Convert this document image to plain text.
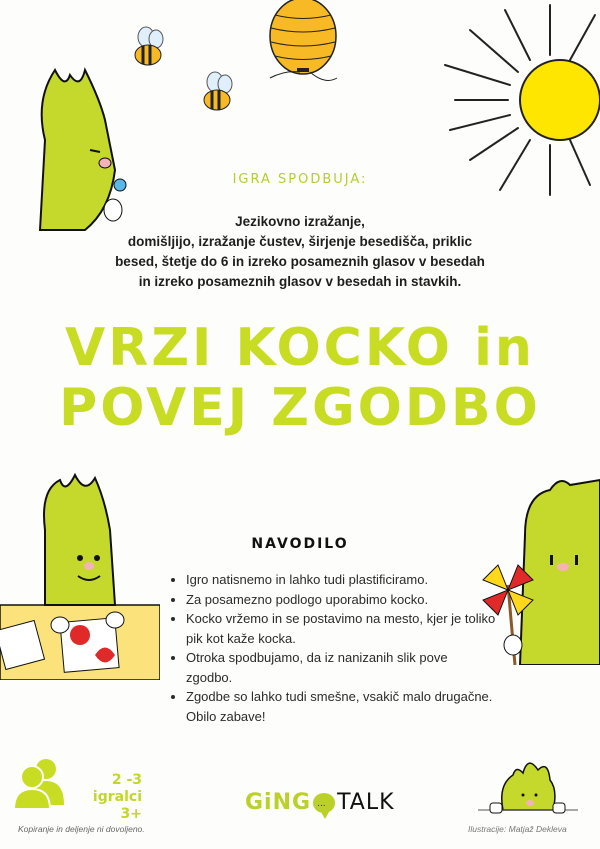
IGRA SPODBUJA:
Jezikovno izražanje,
domišljijo, izražanje čustev, širjenje besedišča, priklic
besed, štetje do 6 in izreko posameznih glasov v besedah
in izreko posameznih glasov v besedah in stavkih.
VRZI KOCKO in
POVEJ ZGODBO
NAVODILO
• Igro natisnemo in lahko tudi plastificiramo.
• Za posamezno podlogo uporabimo kocko.
• Kocko vržemo in se postavimo na mesto, kjer je toliko pik kot kaže kocka.
• Otroka spodbujamo, da iz nanizanih slik pove zgodbo.
• Zgodbe so lahko tudi smešne, vsakič malo drugačne. Obilo zabave!
2 -3 igralci
3+
Kopiranje in deljenje ni dovoljeno.
GiNG ... TALK
Ilustracije: Matjaž Dekleva
